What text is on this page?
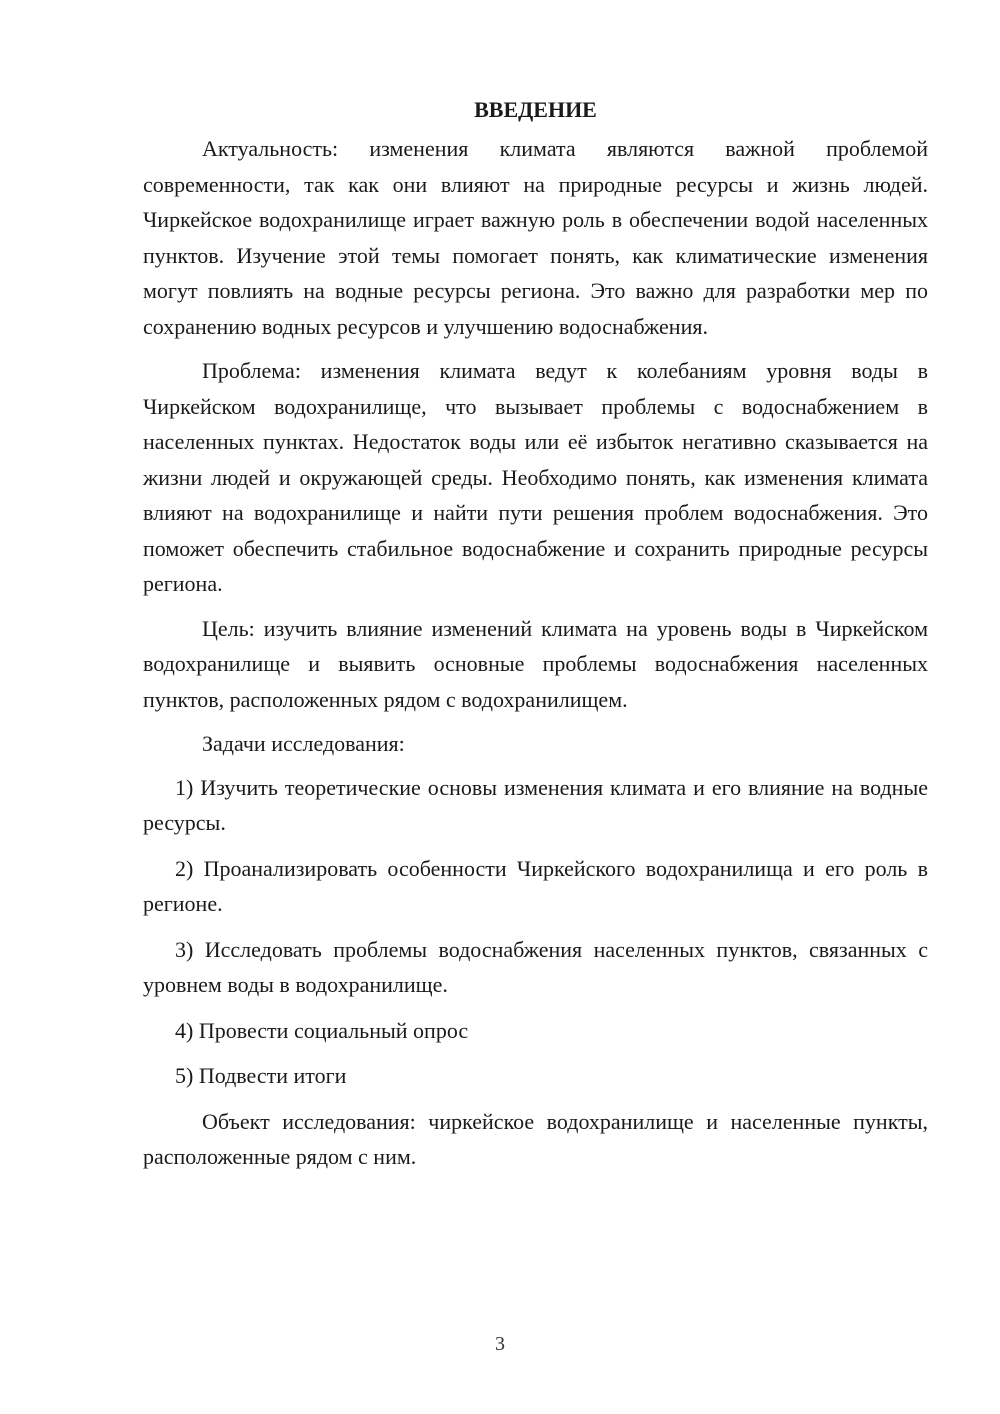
ВВЕДЕНИЕ

Актуальность: изменения климата являются важной проблемой современности, так как они влияют на природные ресурсы и жизнь людей. Чиркейское водохранилище играет важную роль в обеспечении водой населенных пунктов. Изучение этой темы помогает понять, как климатические изменения могут повлиять на водные ресурсы региона. Это важно для разработки мер по сохранению водных ресурсов и улучшению водоснабжения.

Проблема: изменения климата ведут к колебаниям уровня воды в Чиркейском водохранилище, что вызывает проблемы с водоснабжением в населенных пунктах. Недостаток воды или её избыток негативно сказывается на жизни людей и окружающей среды. Необходимо понять, как изменения климата влияют на водохранилище и найти пути решения проблем водоснабжения. Это поможет обеспечить стабильное водоснабжение и сохранить природные ресурсы региона.

Цель: изучить влияние изменений климата на уровень воды в Чиркейском водохранилище и выявить основные проблемы водоснабжения населенных пунктов, расположенных рядом с водохранилищем.

Задачи исследования:

1) Изучить теоретические основы изменения климата и его влияние на водные ресурсы.

2) Проанализировать особенности Чиркейского водохранилища и его роль в регионе.

3) Исследовать проблемы водоснабжения населенных пунктов, связанных с уровнем воды в водохранилище.

4) Провести социальный опрос

5) Подвести итоги

Объект исследования: чиркейское водохранилище и населенные пункты, расположенные рядом с ним.

3
